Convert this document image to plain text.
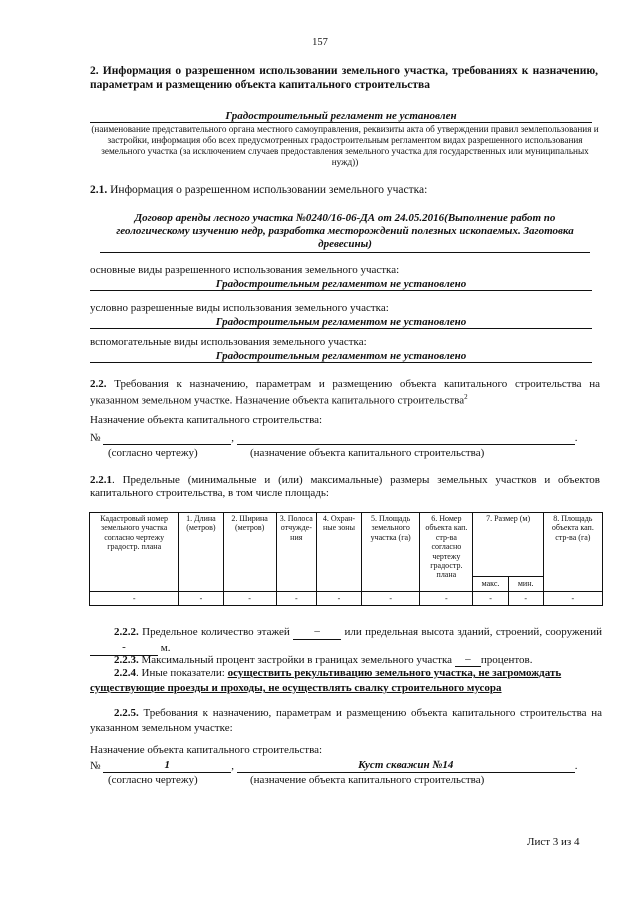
157
2. Информация о разрешенном использовании земельного участка, требованиях к назначению, параметрам и размещению объекта капитального строительства
Градостроительный регламент не установлен
(наименование представительного органа местного самоуправления, реквизиты акта об утверждении правил землепользования и застройки, информация обо всех предусмотренных градостроительным регламентом видах разрешенного использования земельного участка (за исключением случаев предоставления земельного участка для государственных или муниципальных нужд))
2.1. Информация о разрешенном использовании земельного участка:
Договор аренды лесного участка №0240/16-06-ДА от 24.05.2016(Выполнение работ по геологическому изучению недр, разработка месторождений полезных ископаемых. Заготовка древесины)
основные виды разрешенного использования земельного участка:
Градостроительным регламентом не установлено
условно разрешенные виды использования земельного участка:
Градостроительным регламентом не установлено
вспомогательные виды использования земельного участка:
Градостроительным регламентом не установлено
2.2. Требования к назначению, параметрам и размещению объекта капитального строительства на указанном земельном участке. Назначение объекта капитального строительства$^2$
Назначение объекта капитального строительства:
№	,	.
(согласно чертежу)	(назначение объекта капитального строительства)
2.2.1. Предельные (минимальные и (или) максимальные) размеры земельных участков и объектов капитального строительства, в том числе площадь:
Кадастровый номер земельного участка согласно чертежу градостр. плана	1. Длина (метров)	2. Ширина (метров)	3. Полоса отчужде-ния	4. Охран-ные зоны	5. Площадь земельного участка (га)	6. Номер объекта кап. стр-ва согласно чертежу градостр. плана	7. Размер (м)		8. Площадь объекта кап. стр-ва (га)
							макс.	мин.	
-	-	-	-	-	-	-	-	-	-
2.2.2. Предельное количество этажей – или предельная высота зданий, строений, сооружений -	м.
2.2.3. Максимальный процент застройки в границах земельного участка – процентов.
2.2.4. Иные показатели: осуществить рекультивацию земельного участка, не загромождать существующие проезды и проходы, не осуществлять свалку строительного мусора
2.2.5. Требования к назначению, параметрам и размещению объекта капитального строительства на указанном земельном участке:
Назначение объекта капитального строительства:
№	1	,	Куст скважин №14	.
(согласно чертежу)	(назначение объекта капитального строительства)
Лист 3 из 4
